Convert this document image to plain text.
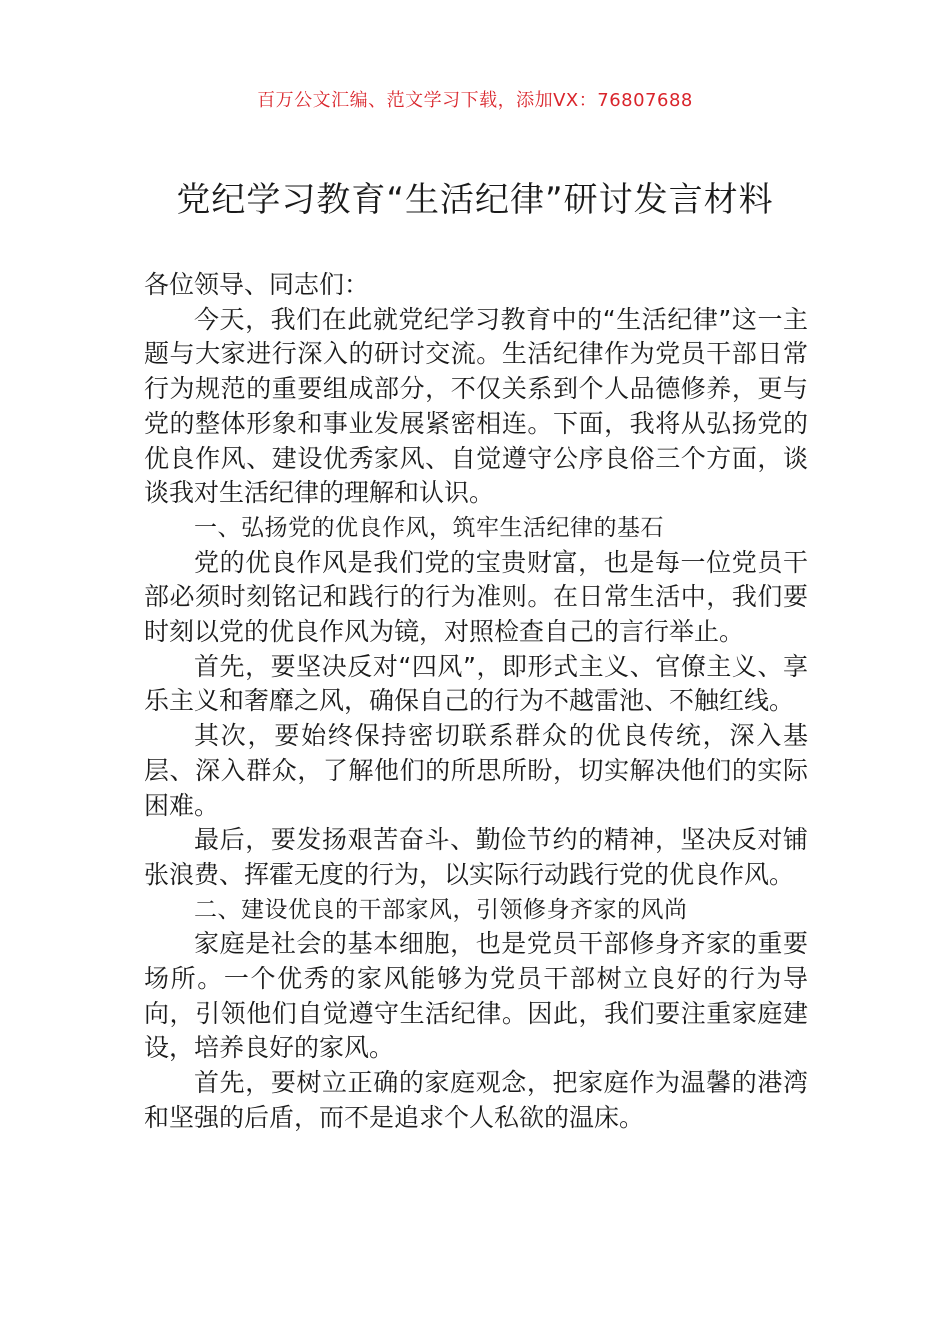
百万公文汇编、范文学习下载，添加VX：76807688
党纪学习教育“生活纪律”研讨发言材料

各位领导、同志们：

今天，我们在此就党纪学习教育中的“生活纪律”这一主题与大家进行深入的研讨交流。生活纪律作为党员干部日常行为规范的重要组成部分，不仅关系到个人品德修养，更与党的整体形象和事业发展紧密相连。下面，我将从弘扬党的优良作风、建设优秀家风、自觉遵守公序良俗三个方面，谈谈我对生活纪律的理解和认识。

一、弘扬党的优良作风，筑牢生活纪律的基石

党的优良作风是我们党的宝贵财富，也是每一位党员干部必须时刻铭记和践行的行为准则。在日常生活中，我们要时刻以党的优良作风为镜，对照检查自己的言行举止。

首先，要坚决反对“四风”，即形式主义、官僚主义、享乐主义和奢靡之风，确保自己的行为不越雷池、不触红线。

其次，要始终保持密切联系群众的优良传统，深入基层、深入群众，了解他们的所思所盼，切实解决他们的实际困难。

最后，要发扬艰苦奋斗、勤俭节约的精神，坚决反对铺张浪费、挥霍无度的行为，以实际行动践行党的优良作风。

二、建设优良的干部家风，引领修身齐家的风尚

家庭是社会的基本细胞，也是党员干部修身齐家的重要场所。一个优秀的家风能够为党员干部树立良好的行为导向，引领他们自觉遵守生活纪律。因此，我们要注重家庭建设，培养良好的家风。

首先，要树立正确的家庭观念，把家庭作为温馨的港湾和坚强的后盾，而不是追求个人私欲的温床。
